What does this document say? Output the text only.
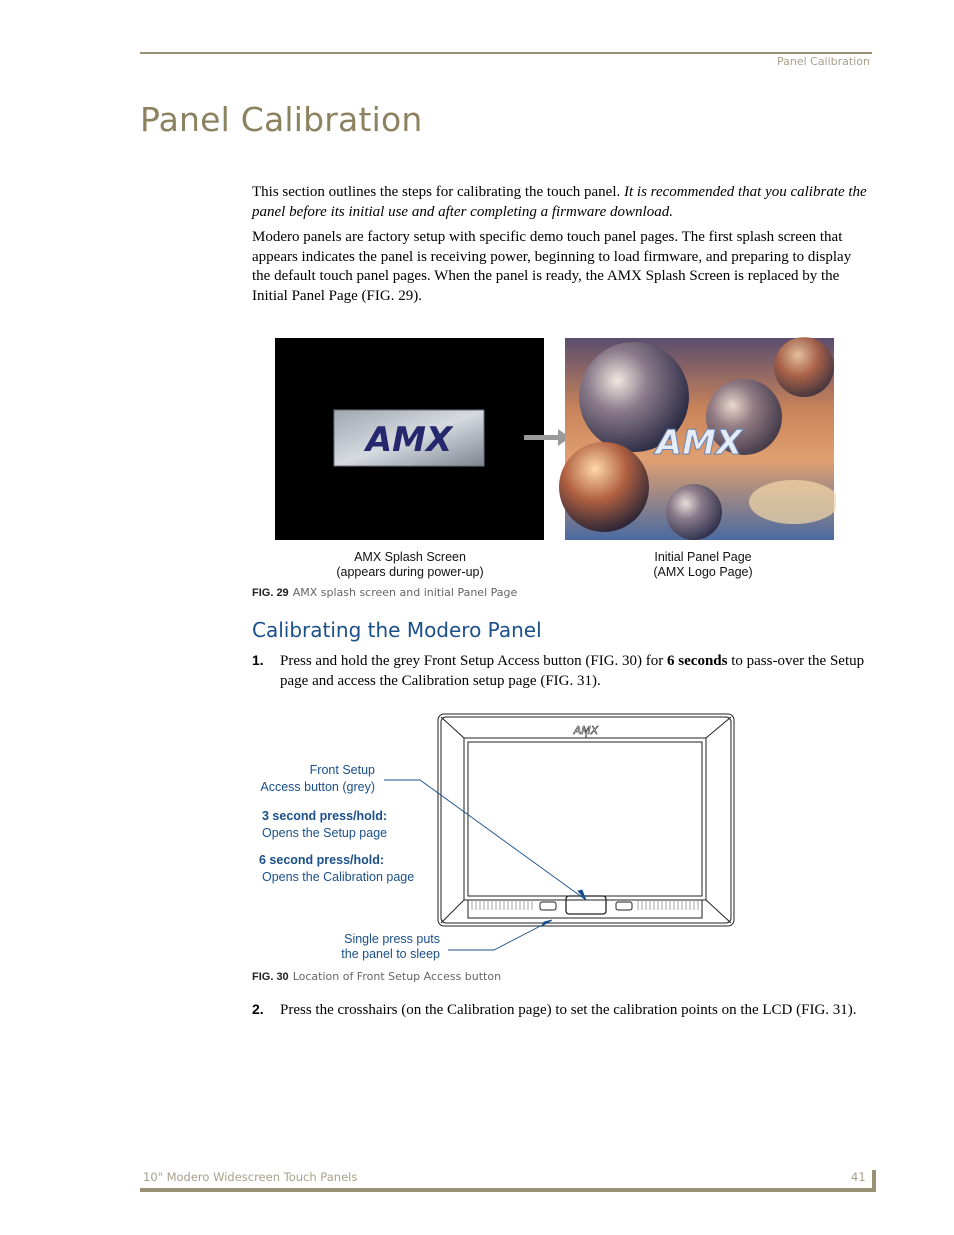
Panel Calibration
Panel Calibration
This section outlines the steps for calibrating the touch panel. It is recommended that you calibrate the panel before its initial use and after completing a firmware download.
Modero panels are factory setup with specific demo touch panel pages. The first splash screen that appears indicates the panel is receiving power, beginning to load firmware, and preparing to display the default touch panel pages. When the panel is ready, the AMX Splash Screen is replaced by the Initial Panel Page (FIG. 29).
AMX	AMX
AMX Splash Screen
(appears during power-up)
Initial Panel Page
(AMX Logo Page)
FIG. 29 AMX splash screen and initial Panel Page
Calibrating the Modero Panel
1. Press and hold the grey Front Setup Access button (FIG. 30) for 6 seconds to pass-over the Setup page and access the Calibration setup page (FIG. 31).
AMX
Front Setup
Access button (grey)
3 second press/hold:
Opens the Setup page
6 second press/hold:
Opens the Calibration page
Single press puts
the panel to sleep
FIG. 30 Location of Front Setup Access button
2. Press the crosshairs (on the Calibration page) to set the calibration points on the LCD (FIG. 31).
10" Modero Widescreen Touch Panels	41
